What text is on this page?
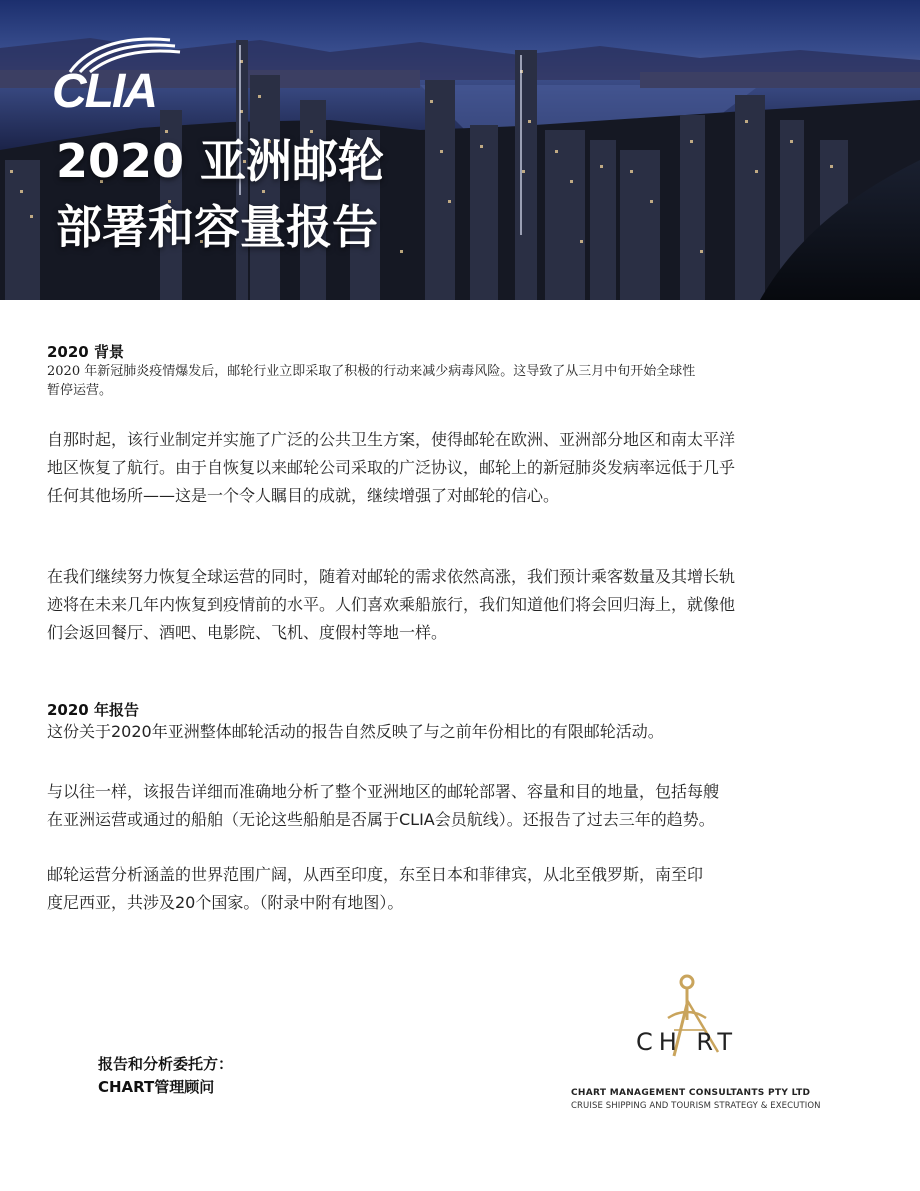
CLIA
2020 亚洲邮轮
部署和容量报告
2020 背景

2020 年新冠肺炎疫情爆发后，邮轮行业立即采取了积极的行动来减少病毒风险。这导致了从三月中旬开始全球性
暂停运营。

自那时起，该行业制定并实施了广泛的公共卫生方案，使得邮轮在欧洲、亚洲部分地区和南太平洋
地区恢复了航行。由于自恢复以来邮轮公司采取的广泛协议，邮轮上的新冠肺炎发病率远低于几乎
任何其他场所——这是一个令人瞩目的成就，继续增强了对邮轮的信心。

在我们继续努力恢复全球运营的同时，随着对邮轮的需求依然高涨，我们预计乘客数量及其增长轨
迹将在未来几年内恢复到疫情前的水平。人们喜欢乘船旅行，我们知道他们将会回归海上，就像他
们会返回餐厅、酒吧、电影院、飞机、度假村等地一样。

2020 年报告

这份关于2020年亚洲整体邮轮活动的报告自然反映了与之前年份相比的有限邮轮活动。

与以往一样，该报告详细而准确地分析了整个亚洲地区的邮轮部署、容量和目的地量，包括每艘
在亚洲运营或通过的船舶（无论这些船舶是否属于CLIA会员航线）。还报告了过去三年的趋势。

邮轮运营分析涵盖的世界范围广阔，从西至印度，东至日本和菲律宾，从北至俄罗斯，南至印
度尼西亚，共涉及20个国家。（附录中附有地图）。

报告和分析委托方：
CHART管理顾问
CH RT
CHART MANAGEMENT CONSULTANTS PTY LTD
CRUISE SHIPPING AND TOURISM STRATEGY & EXECUTION
